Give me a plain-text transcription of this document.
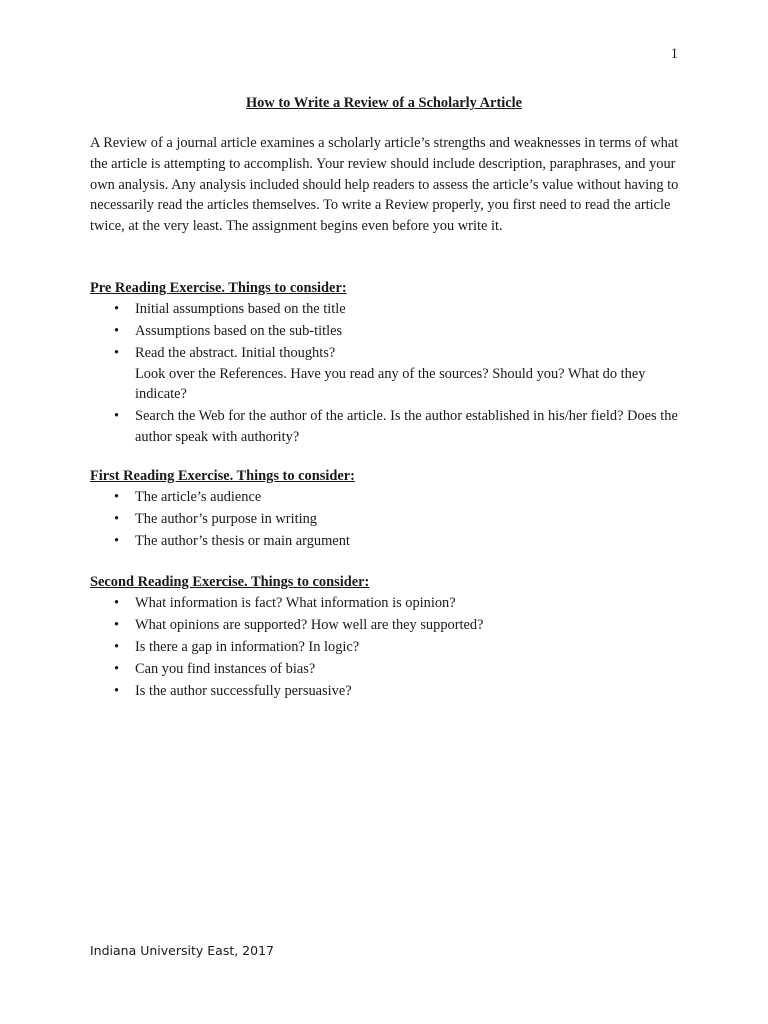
1
How to Write a Review of a Scholarly Article

A Review of a journal article examines a scholarly article’s strengths and weaknesses in terms of what the article is attempting to accomplish. Your review should include description, paraphrases, and your own analysis. Any analysis included should help readers to assess the article’s value without having to necessarily read the articles themselves. To write a Review properly, you first need to read the article twice, at the very least. The assignment begins even before you write it.

Pre Reading Exercise. Things to consider:

• Initial assumptions based on the title
• Assumptions based on the sub-titles
• Read the abstract. Initial thoughts?
Look over the References. Have you read any of the sources? Should you? What do they indicate?
• Search the Web for the author of the article. Is the author established in his/her field? Does the author speak with authority?

First Reading Exercise. Things to consider:

• The article’s audience
• The author’s purpose in writing
• The author’s thesis or main argument

Second Reading Exercise. Things to consider:

• What information is fact? What information is opinion?
• What opinions are supported? How well are they supported?
• Is there a gap in information? In logic?
• Can you find instances of bias?
• Is the author successfully persuasive?
Indiana University East, 2017
